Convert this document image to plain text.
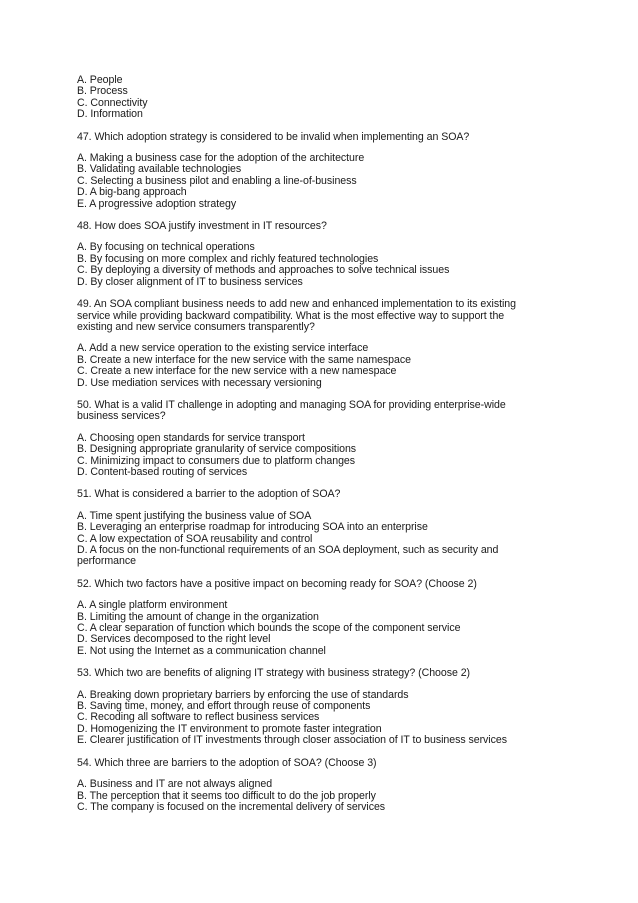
A. People
B. Process
C. Connectivity
D. Information
47. Which adoption strategy is considered to be invalid when implementing an SOA?
A. Making a business case for the adoption of the architecture
B. Validating available technologies
C. Selecting a business pilot and enabling a line-of-business
D. A big-bang approach
E. A progressive adoption strategy
48. How does SOA justify investment in IT resources?
A. By focusing on technical operations
B. By focusing on more complex and richly featured technologies
C. By deploying a diversity of methods and approaches to solve technical issues
D. By closer alignment of IT to business services
49. An SOA compliant business needs to add new and enhanced implementation to its existing
service while providing backward compatibility. What is the most effective way to support the
existing and new service consumers transparently?
A. Add a new service operation to the existing service interface
B. Create a new interface for the new service with the same namespace
C. Create a new interface for the new service with a new namespace
D. Use mediation services with necessary versioning
50. What is a valid IT challenge in adopting and managing SOA for providing enterprise-wide
business services?
A. Choosing open standards for service transport
B. Designing appropriate granularity of service compositions
C. Minimizing impact to consumers due to platform changes
D. Content-based routing of services
51. What is considered a barrier to the adoption of SOA?
A. Time spent justifying the business value of SOA
B. Leveraging an enterprise roadmap for introducing SOA into an enterprise
C. A low expectation of SOA reusability and control
D. A focus on the non-functional requirements of an SOA deployment, such as security and
performance
52. Which two factors have a positive impact on becoming ready for SOA? (Choose 2)
A. A single platform environment
B. Limiting the amount of change in the organization
C. A clear separation of function which bounds the scope of the component service
D. Services decomposed to the right level
E. Not using the Internet as a communication channel
53. Which two are benefits of aligning IT strategy with business strategy? (Choose 2)
A. Breaking down proprietary barriers by enforcing the use of standards
B. Saving time, money, and effort through reuse of components
C. Recoding all software to reflect business services
D. Homogenizing the IT environment to promote faster integration
E. Clearer justification of IT investments through closer association of IT to business services
54. Which three are barriers to the adoption of SOA? (Choose 3)
A. Business and IT are not always aligned
B. The perception that it seems too difficult to do the job properly
C. The company is focused on the incremental delivery of services
